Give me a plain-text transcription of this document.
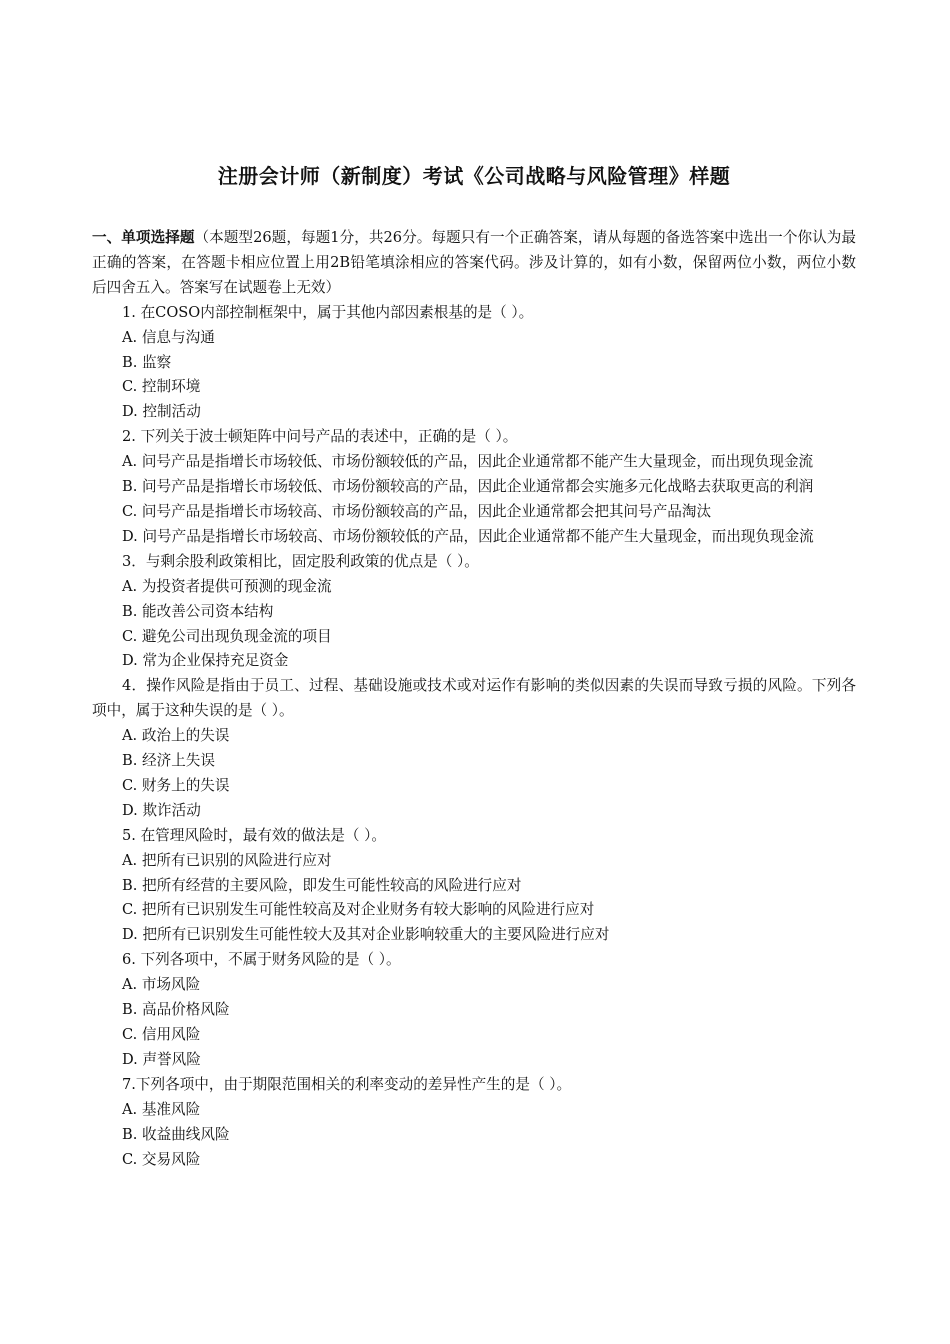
注册会计师（新制度）考试《公司战略与风险管理》样题

一、单项选择题（本题型26题，每题1分，共26分。每题只有一个正确答案，请从每题的备选答案中选出一个你认为最正确的答案，在答题卡相应位置上用2B铅笔填涂相应的答案代码。涉及计算的，如有小数，保留两位小数，两位小数后四舍五入。答案写在试题卷上无效）

1. 在COSO内部控制框架中，属于其他内部因素根基的是（ ）。

A. 信息与沟通

B. 监察

C. 控制环境

D. 控制活动

2. 下列关于波士顿矩阵中问号产品的表述中，正确的是（ ）。

A. 问号产品是指增长市场较低、市场份额较低的产品，因此企业通常都不能产生大量现金，而出现负现金流

B. 问号产品是指增长市场较低、市场份额较高的产品，因此企业通常都会实施多元化战略去获取更高的利润

C. 问号产品是指增长市场较高、市场份额较高的产品，因此企业通常都会把其问号产品淘汰

D. 问号产品是指增长市场较高、市场份额较低的产品，因此企业通常都不能产生大量现金，而出现负现金流

3．与剩余股利政策相比，固定股利政策的优点是（ ）。

A. 为投资者提供可预测的现金流

B. 能改善公司资本结构

C. 避免公司出现负现金流的项目

D. 常为企业保持充足资金

4．操作风险是指由于员工、过程、基础设施或技术或对运作有影响的类似因素的失误而导致亏损的风险。下列各项中，属于这种失误的是（ ）。

A. 政治上的失误

B. 经济上失误

C. 财务上的失误

D. 欺诈活动

5. 在管理风险时，最有效的做法是（ ）。

A. 把所有已识别的风险进行应对

B. 把所有经营的主要风险，即发生可能性较高的风险进行应对

C. 把所有已识别发生可能性较高及对企业财务有较大影响的风险进行应对

D. 把所有已识别发生可能性较大及其对企业影响较重大的主要风险进行应对

6. 下列各项中，不属于财务风险的是（ ）。

A. 市场风险

B. 高品价格风险

C. 信用风险

D. 声誉风险

7.下列各项中，由于期限范围相关的利率变动的差异性产生的是（ ）。

A. 基准风险

B. 收益曲线风险

C. 交易风险
